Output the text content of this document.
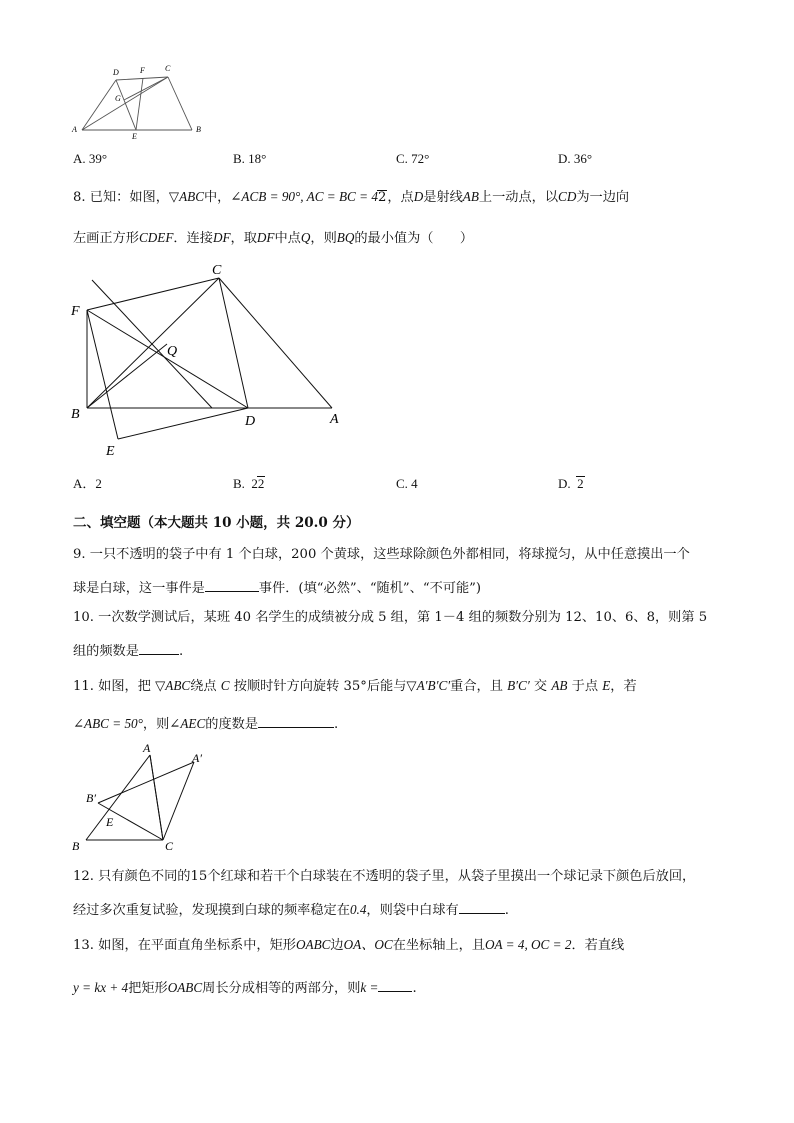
D	F	C
G
A
E
B
A. 39°	B. 18°	C. 72°	D. 36°
8. 已知：如图，▽ABC中，∠ACB = 90°, AC = BC = 42，点D是射线AB上一动点，以CD为一边向
左画正方形CDEF．连接DF，取DF中点Q，则BQ的最小值为（　　）
C
F
Q
B	D	A
E
A．2	B. 22	C. 4	D. 2
二、填空题（本大题共 10 小题，共 20.0 分）
9. 一只不透明的袋子中有 1 个白球，200 个黄球，这些球除颜色外都相同，将球搅匀，从中任意摸出一个
球是白球，这一事件是	事件．(填“必然”、“随机”、“不可能”)
10. 一次数学测试后，某班 40 名学生的成绩被分成 5 组，第 1－4 组的频数分别为 12、10、6、8，则第 5
组的频数是	.
11. 如图，把 ▽ABC绕点 C 按顺时针方向旋转 35°后能与▽A′B′C′重合，且 B′C′ 交 AB 于点 E，若
∠ABC = 50°，则∠AEC的度数是	.
A
A′
B′
E
B	C
12. 只有颜色不同的15个红球和若干个白球装在不透明的袋子里，从袋子里摸出一个球记录下颜色后放回，
经过多次重复试验，发现摸到白球的频率稳定在0.4，则袋中白球有	.
13. 如图，在平面直角坐标系中，矩形OABC边OA、OC在坐标轴上，且OA = 4, OC = 2．若直线
y = kx + 4把矩形OABC周长分成相等的两部分，则k =	.
